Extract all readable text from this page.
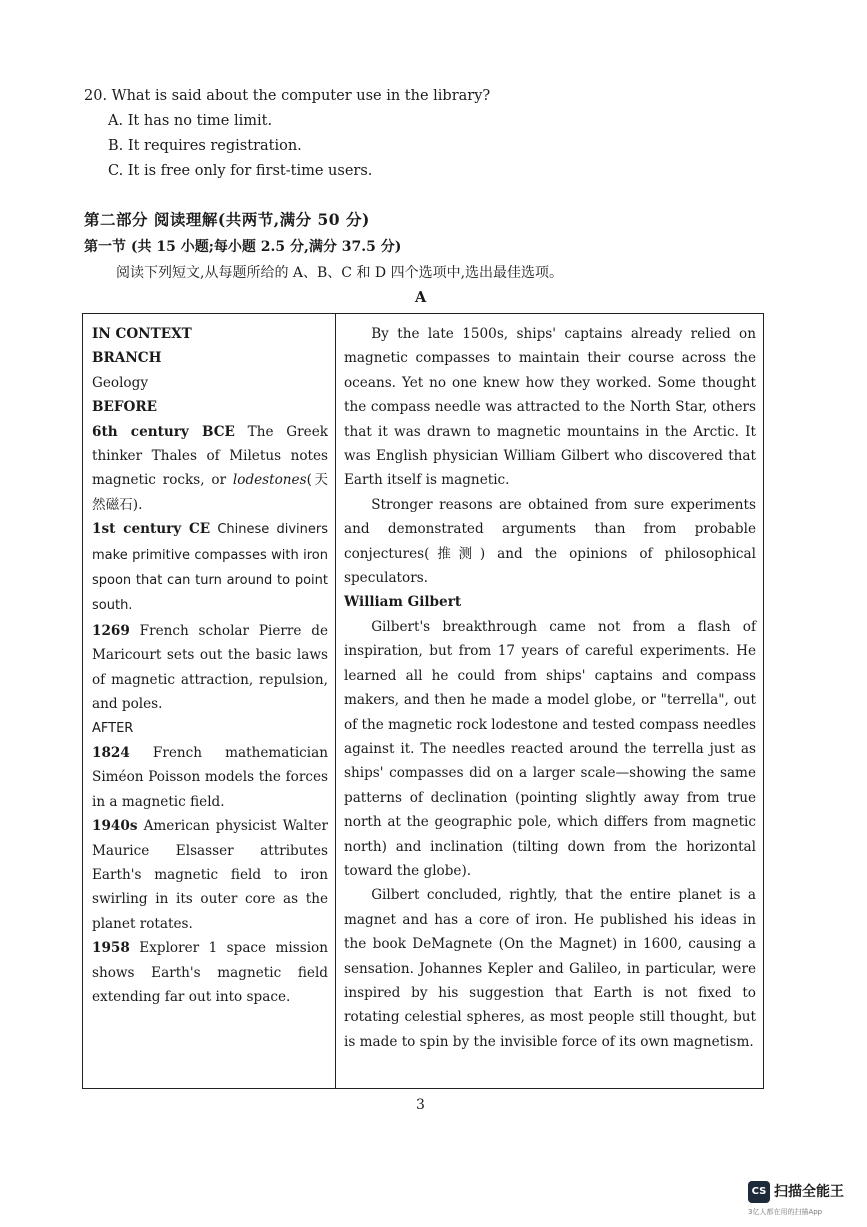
20. What is said about the computer use in the library?
A. It has no time limit.
B. It requires registration.
C. It is free only for first-time users.
第二部分 阅读理解(共两节,满分 50 分)
第一节 (共 15 小题;每小题 2.5 分,满分 37.5 分)
阅读下列短文,从每题所给的 A、B、C 和 D 四个选项中,选出最佳选项。
A

IN CONTEXT

BRANCH

Geology

BEFORE

6th century BCE The Greek thinker Thales of Miletus notes magnetic rocks, or lodestones(天然磁石).

1st century CE Chinese diviners make primitive compasses with iron spoon that can turn around to point south.

1269 French scholar Pierre de Maricourt sets out the basic laws of magnetic attraction, repulsion, and poles.

AFTER

1824 French mathematician Siméon Poisson models the forces in a magnetic field.

1940s American physicist Walter Maurice Elsasser attributes Earth's magnetic field to iron swirling in its outer core as the planet rotates.

1958 Explorer 1 space mission shows Earth's magnetic field extending far out into space.

By the late 1500s, ships' captains already relied on magnetic compasses to maintain their course across the oceans. Yet no one knew how they worked. Some thought the compass needle was attracted to the North Star, others that it was drawn to magnetic mountains in the Arctic. It was English physician William Gilbert who discovered that Earth itself is magnetic.

Stronger reasons are obtained from sure experiments and demonstrated arguments than from probable conjectures(推测) and the opinions of philosophical speculators.

William Gilbert

Gilbert's breakthrough came not from a flash of inspiration, but from 17 years of careful experiments. He learned all he could from ships' captains and compass makers, and then he made a model globe, or "terrella", out of the magnetic rock lodestone and tested compass needles against it. The needles reacted around the terrella just as ships' compasses did on a larger scale—showing the same patterns of declination (pointing slightly away from true north at the geographic pole, which differs from magnetic north) and inclination (tilting down from the horizontal toward the globe).

Gilbert concluded, rightly, that the entire planet is a magnet and has a core of iron. He published his ideas in the book DeMagnete (On the Magnet) in 1600, causing a sensation. Johannes Kepler and Galileo, in particular, were inspired by his suggestion that Earth is not fixed to rotating celestial spheres, as most people still thought, but is made to spin by the invisible force of its own magnetism.

3
CS 扫描全能王
3亿人都在用的扫描App
